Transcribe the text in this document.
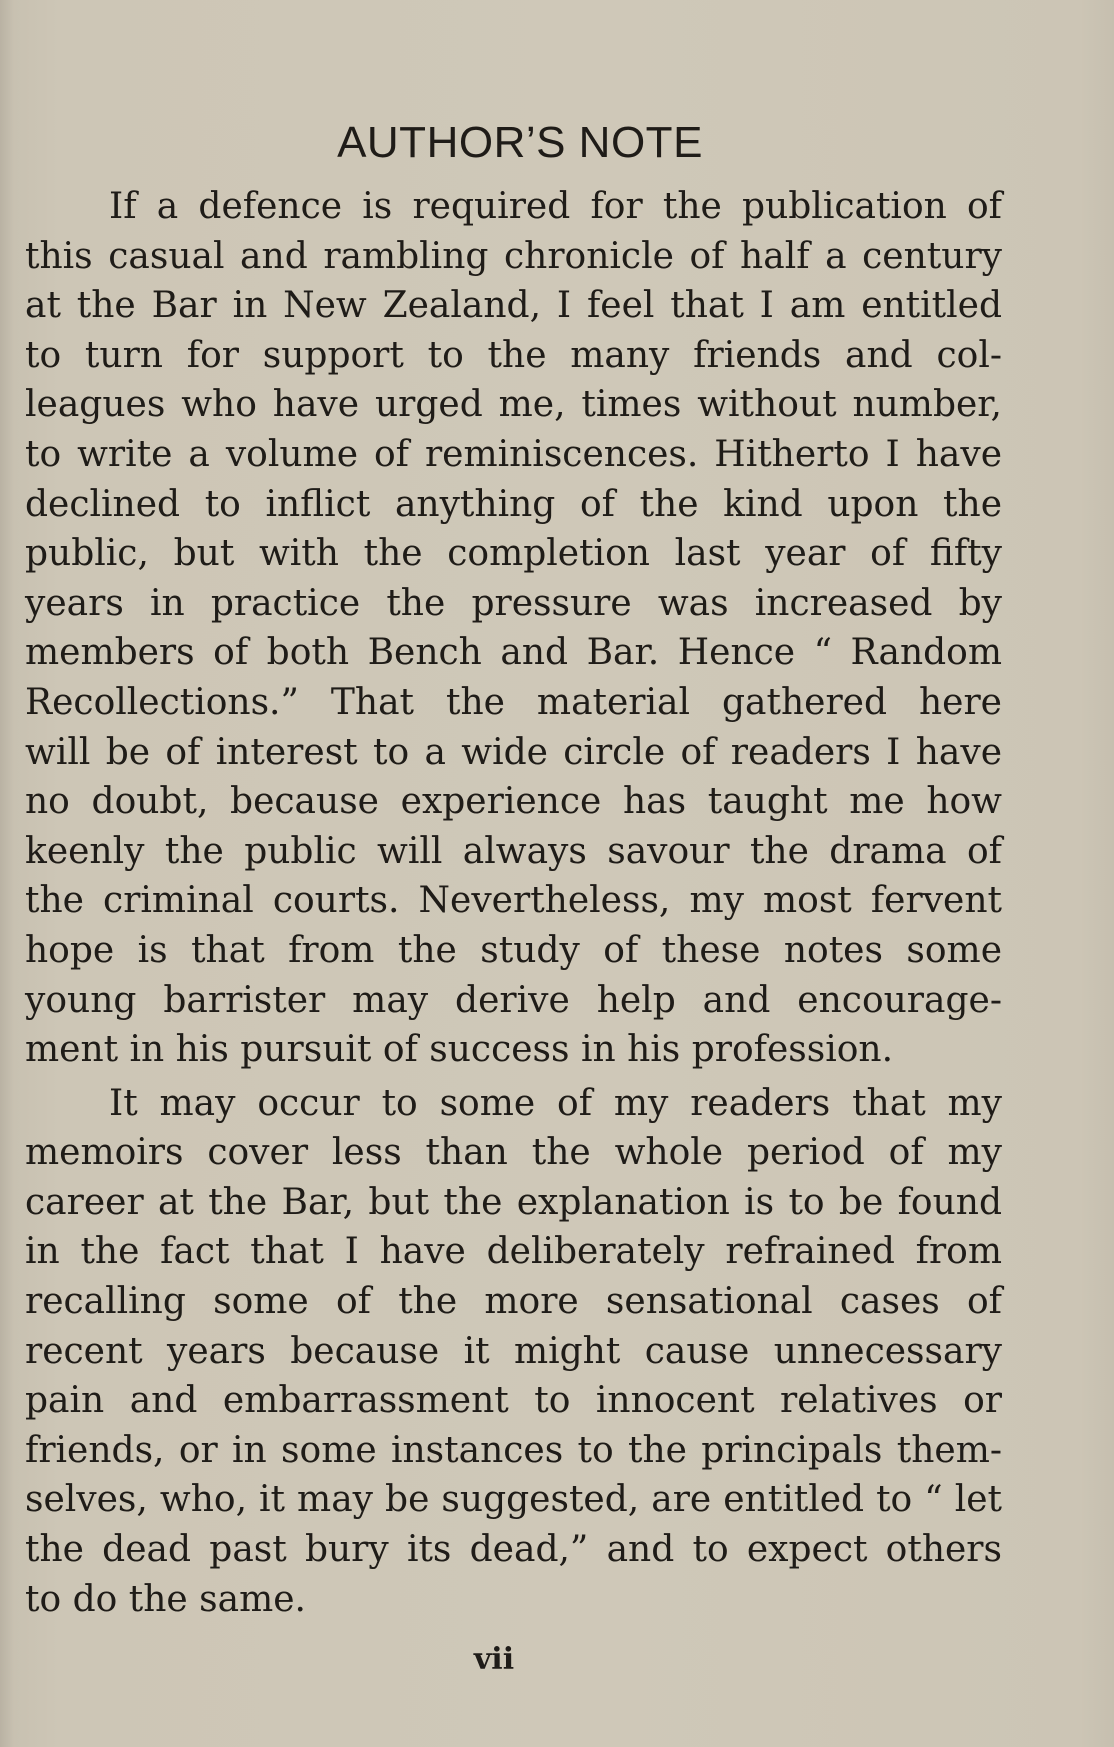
AUTHOR’S NOTE

If a defence is required for the publication of
this casual and rambling chronicle of half a century
at the Bar in New Zealand, I feel that I am entitled
to turn for support to the many friends and col-
leagues who have urged me, times without number,
to write a volume of reminiscences. Hitherto I have
declined to inflict anything of the kind upon the
public, but with the completion last year of fifty
years in practice the pressure was increased by
members of both Bench and Bar. Hence “ Random
Recollections.” That the material gathered here
will be of interest to a wide circle of readers I have
no doubt, because experience has taught me how
keenly the public will always savour the drama of
the criminal courts. Nevertheless, my most fervent
hope is that from the study of these notes some
young barrister may derive help and encourage-
ment in his pursuit of success in his profession.

It may occur to some of my readers that my
memoirs cover less than the whole period of my
career at the Bar, but the explanation is to be found
in the fact that I have deliberately refrained from
recalling some of the more sensational cases of
recent years because it might cause unnecessary
pain and embarrassment to innocent relatives or
friends, or in some instances to the principals them-
selves, who, it may be suggested, are entitled to “ let
the dead past bury its dead,” and to expect others
to do the same.

vii
